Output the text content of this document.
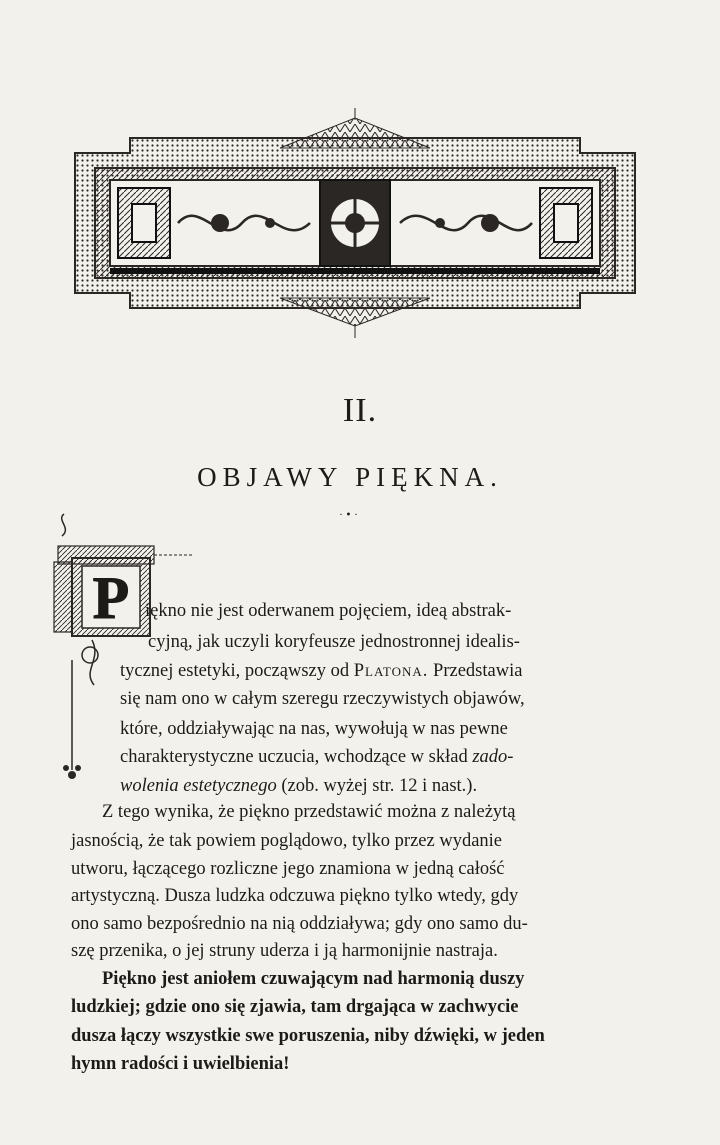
II.
OBJAWY PIĘKNA.
·•·
P iękno nie jest oderwanem pojęciem, ideą abstrak-
cyjną, jak uczyli koryfeusze jednostronnej idealis-
tycznej estetyki, począwszy od Platona. Przedstawia
się nam ono w całym szeregu rzeczywistych objawów,
które, oddziaływając na nas, wywołują w nas pewne
charakterystyczne uczucia, wchodzące w skład zado-
wolenia estetycznego (zob. wyżej str. 12 i nast.).
Z tego wynika, że piękno przedstawić można z należytą
jasnością, że tak powiem poglądowo, tylko przez wydanie
utworu, łączącego rozliczne jego znamiona w jedną całość
artystyczną. Dusza ludzka odczuwa piękno tylko wtedy, gdy
ono samo bezpośrednio na nią oddziaływa; gdy ono samo du-
szę przenika, o jej struny uderza i ją harmonijnie nastraja.
Piękno jest aniołem czuwającym nad harmonią duszy
ludzkiej; gdzie ono się zjawia, tam drgająca w zachwycie
dusza łączy wszystkie swe poruszenia, niby dźwięki, w jeden
hymn radości i uwielbienia!
